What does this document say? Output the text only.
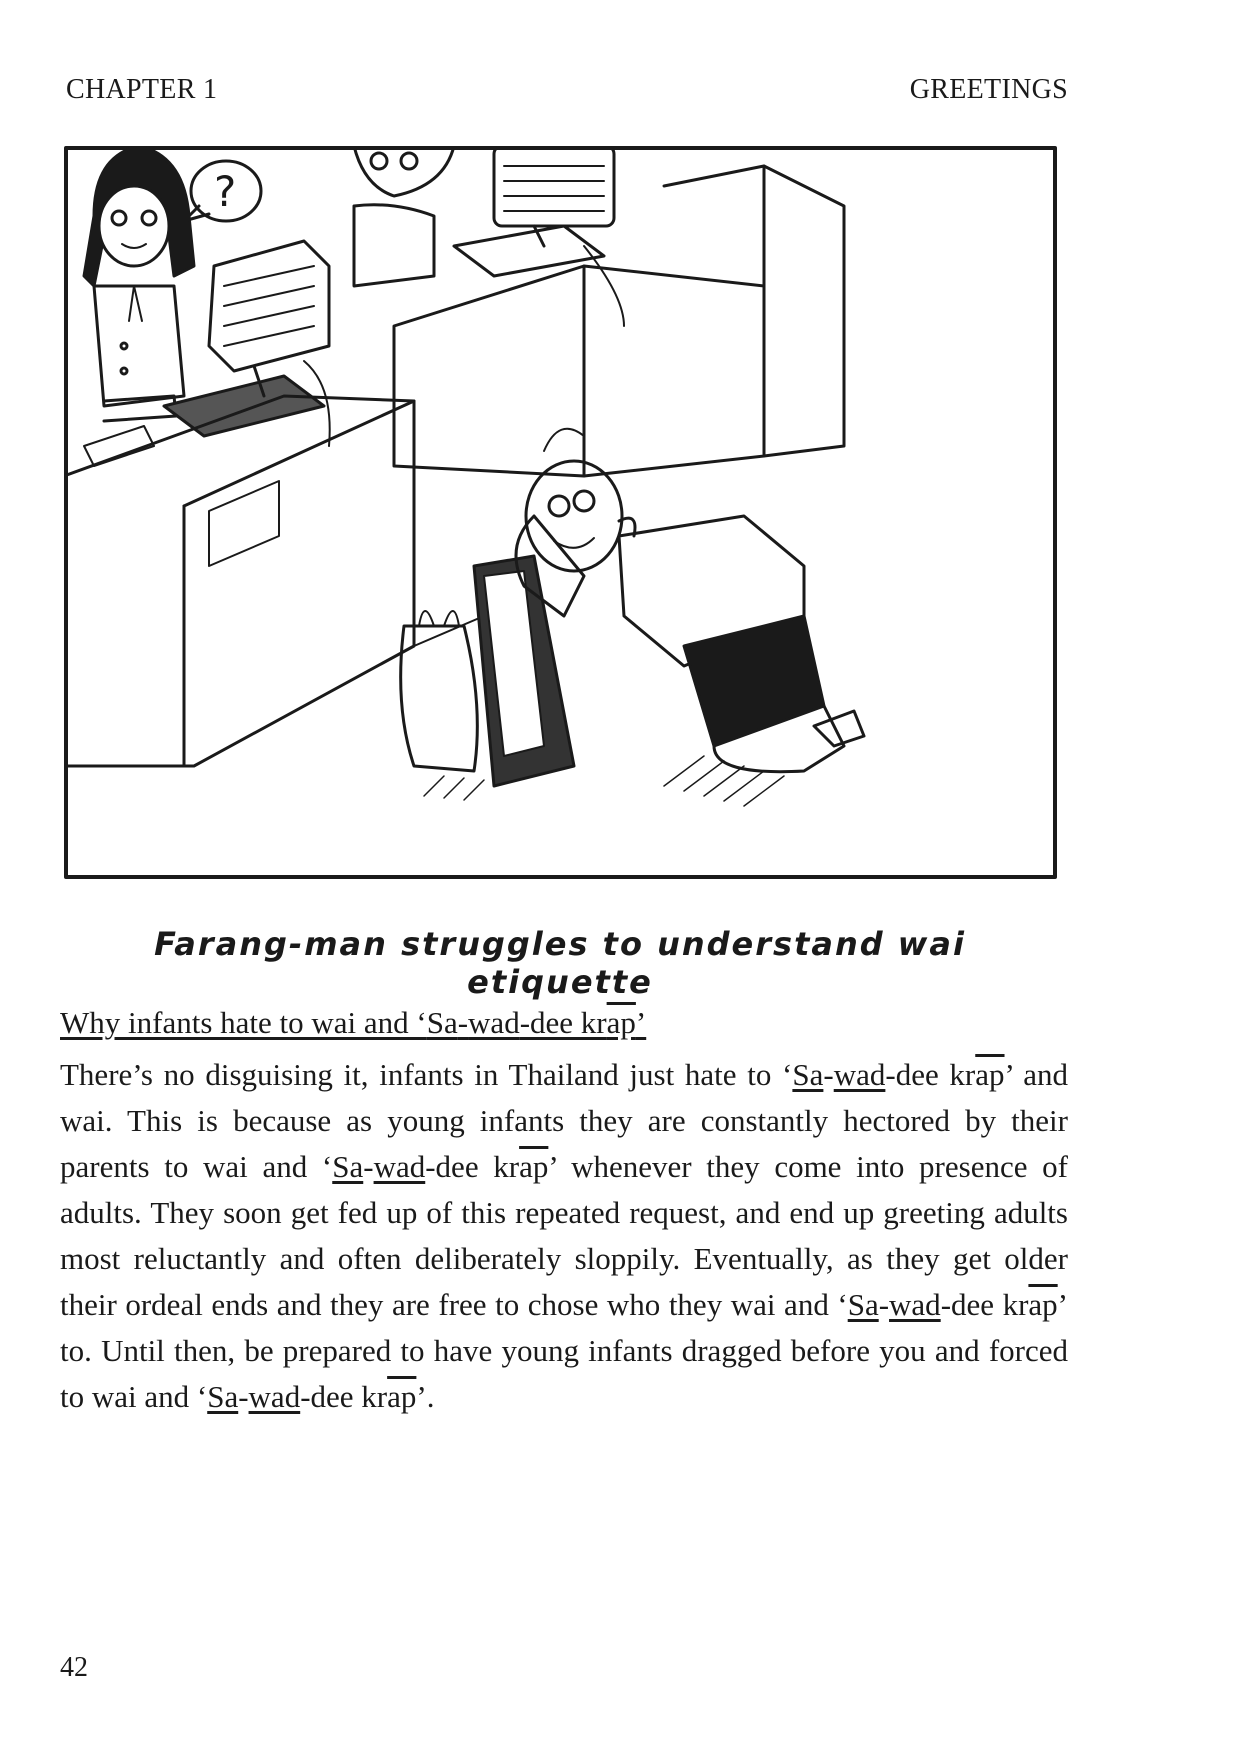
CHAPTER 1	GREETINGS
?
Farang-man struggles to understand wai etiquette
Why infants hate to wai and ‘Sa-wad-dee krap’
There’s no disguising it, infants in Thailand just hate to ‘Sa-wad-dee $kr\overline{ap}$’ and wai. This is because as young infants they are constantly hectored by their parents to wai and ‘Sa-wad-dee $kr\overline{ap}$’ whenever they come into presence of adults. They soon get fed up of this repeated request, and end up greeting adults most reluctantly and often deliberately sloppily. Eventually, as they get older their ordeal ends and they are free to chose who they wai and ‘Sa-wad-dee $kr\overline{ap}$’ to. Until then, be prepared to have young infants dragged before you and forced to wai and ‘Sa-wad-dee $kr\overline{ap}$’.
42
